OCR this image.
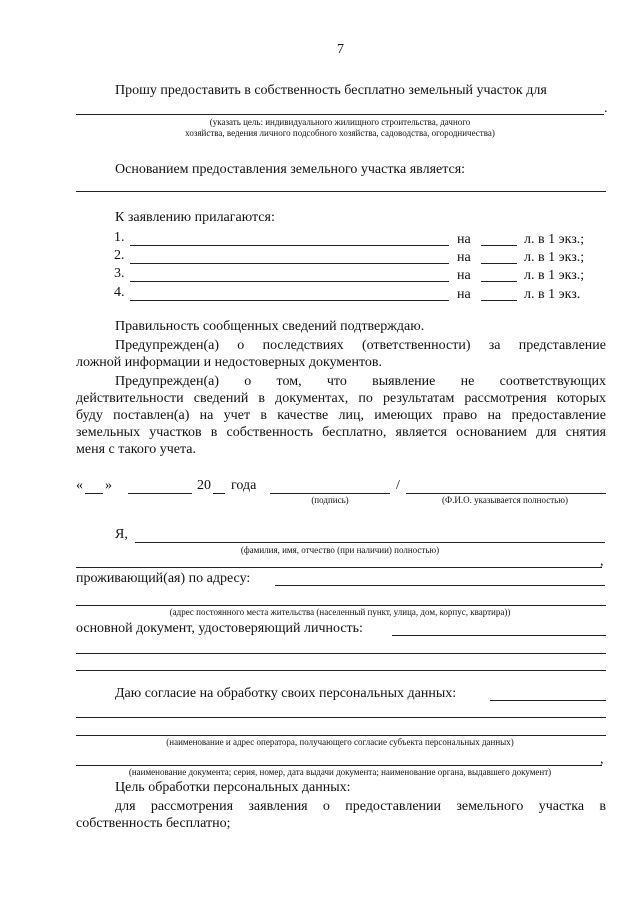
7
Прошу предоставить в собственность бесплатно земельный участок для
.
(указать цель: индивидуального жилищного строительства, дачного
хозяйства, ведения личного подсобного хозяйства, садоводства, огородничества)
Основанием предоставления земельного участка является:
К заявлению прилагаются:
1.	на	л. в 1 экз.;
2.	на	л. в 1 экз.;
3.	на	л. в 1 экз.;
4.	на	л. в 1 экз.
Правильность сообщенных сведений подтверждаю.
Предупрежден(а) о последствиях (ответственности) за представление
ложной информации и недостоверных документов.
Предупрежден(а) о том, что выявление не соответствующих
действительности сведений в документах, по результатам рассмотрения которых
буду поставлен(а) на учет в качестве лиц, имеющих право на предоставление
земельных участков в собственность бесплатно, является основанием для снятия
меня с такого учета.
« »	20 года	/
(подпись)	(Ф.И.О. указывается полностью)
Я,
(фамилия, имя, отчество (при наличии) полностью)
,
проживающий(ая) по адресу:
(адрес постоянного места жительства (населенный пункт, улица, дом, корпус, квартира))
основной документ, удостоверяющий личность:
Даю согласие на обработку своих персональных данных:
(наименование и адрес оператора, получающего согласие субъекта персональных данных)
,
(наименование документа; серия, номер, дата выдачи документа; наименование органа, выдавшего документ)
Цель обработки персональных данных:
для рассмотрения заявления о предоставлении земельного участка в
собственность бесплатно;
